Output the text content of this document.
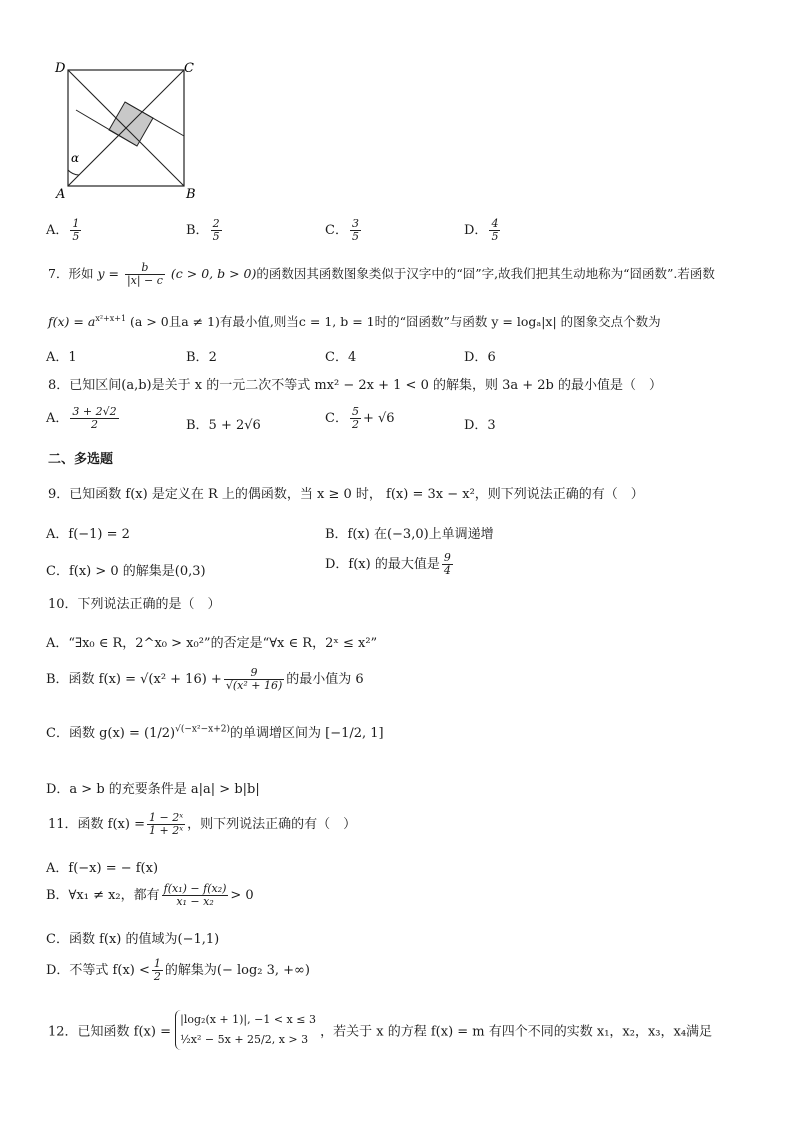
D	C
A	B
α
A． $\frac{1}{5}$	B． $\frac{2}{5}$	C． $\frac{3}{5}$	D． $\frac{4}{5}$
7．形如 $y = \frac{b}{|x| - c} (c > 0$, b > 0)的函数因其函数图象类似于汉字中的“囧”字,故我们把其生动地称为“囧函数”.若函数
$f(x) = a^{x^2+x+1}$ (a > 0且a ≠ 1)有最小值,则当c = 1, b = 1时的“囧函数”与函数 y = logₐ|x| 的图象交点个数为
A．1	B．2	C．4	D．6
8．已知区间(a,b)是关于 x 的一元二次不等式 mx² − 2x + 1 < 0 的解集，则 3a + 2b 的最小值是（　）
A． $\frac{3 + 2√2}{2}$	B．5 + 2√6	C． $\frac{5}{2} + √6$	D．3
二、多选题
9．已知函数 f(x) 是定义在 R 上的偶函数，当 x ≥ 0 时， f(x) = 3x − x²，则下列说法正确的有（　）
A．f(−1) = 2	B．f(x) 在(−3,0)上单调递增
C．f(x) > 0 的解集是(0,3)	D．f(x) 的最大值是 $\frac{9}{4}$
10．下列说法正确的是（　）
A．“∃x₀ ∈ R，2^x₀ > x₀²”的否定是“∀x ∈ R，2ˣ ≤ x²”
B．函数 $f(x) = √(x^2 + 16) + \frac{9}{\text{√(x² + 16)}}$ 的最小值为 6
C．函数 $g(x) = (1/2)^{√(-x^2-x+2)}$的单调增区间为 [−1/2, 1]
D．a > b 的充要条件是 a|a| > b|b|
11．函数 $f(x) = \frac{\text{1 − 2ˣ}}{\text{1 + 2ˣ}}$ ，则下列说法正确的有（　）
A．f(−x) = − f(x)
B．∀x₁ ≠ x₂，都有 $\frac{\text{f(x₁) − f(x₂)}}{\text{x₁ − x₂}} > 0$
C．函数 f(x) 的值域为(−1,1)
D．不等式 $f(x) < \frac{1}{2}$ 的解集为(− log₂ 3, +∞)
12．已知函数 f(x) =
|log₂(x + 1)|, −1 < x ≤ 3
½x² − 5x + 25/2, x > 3 ，若关于 x 的方程 f(x) = m 有四个不同的实数 x₁，x₂，x₃，x₄满足
